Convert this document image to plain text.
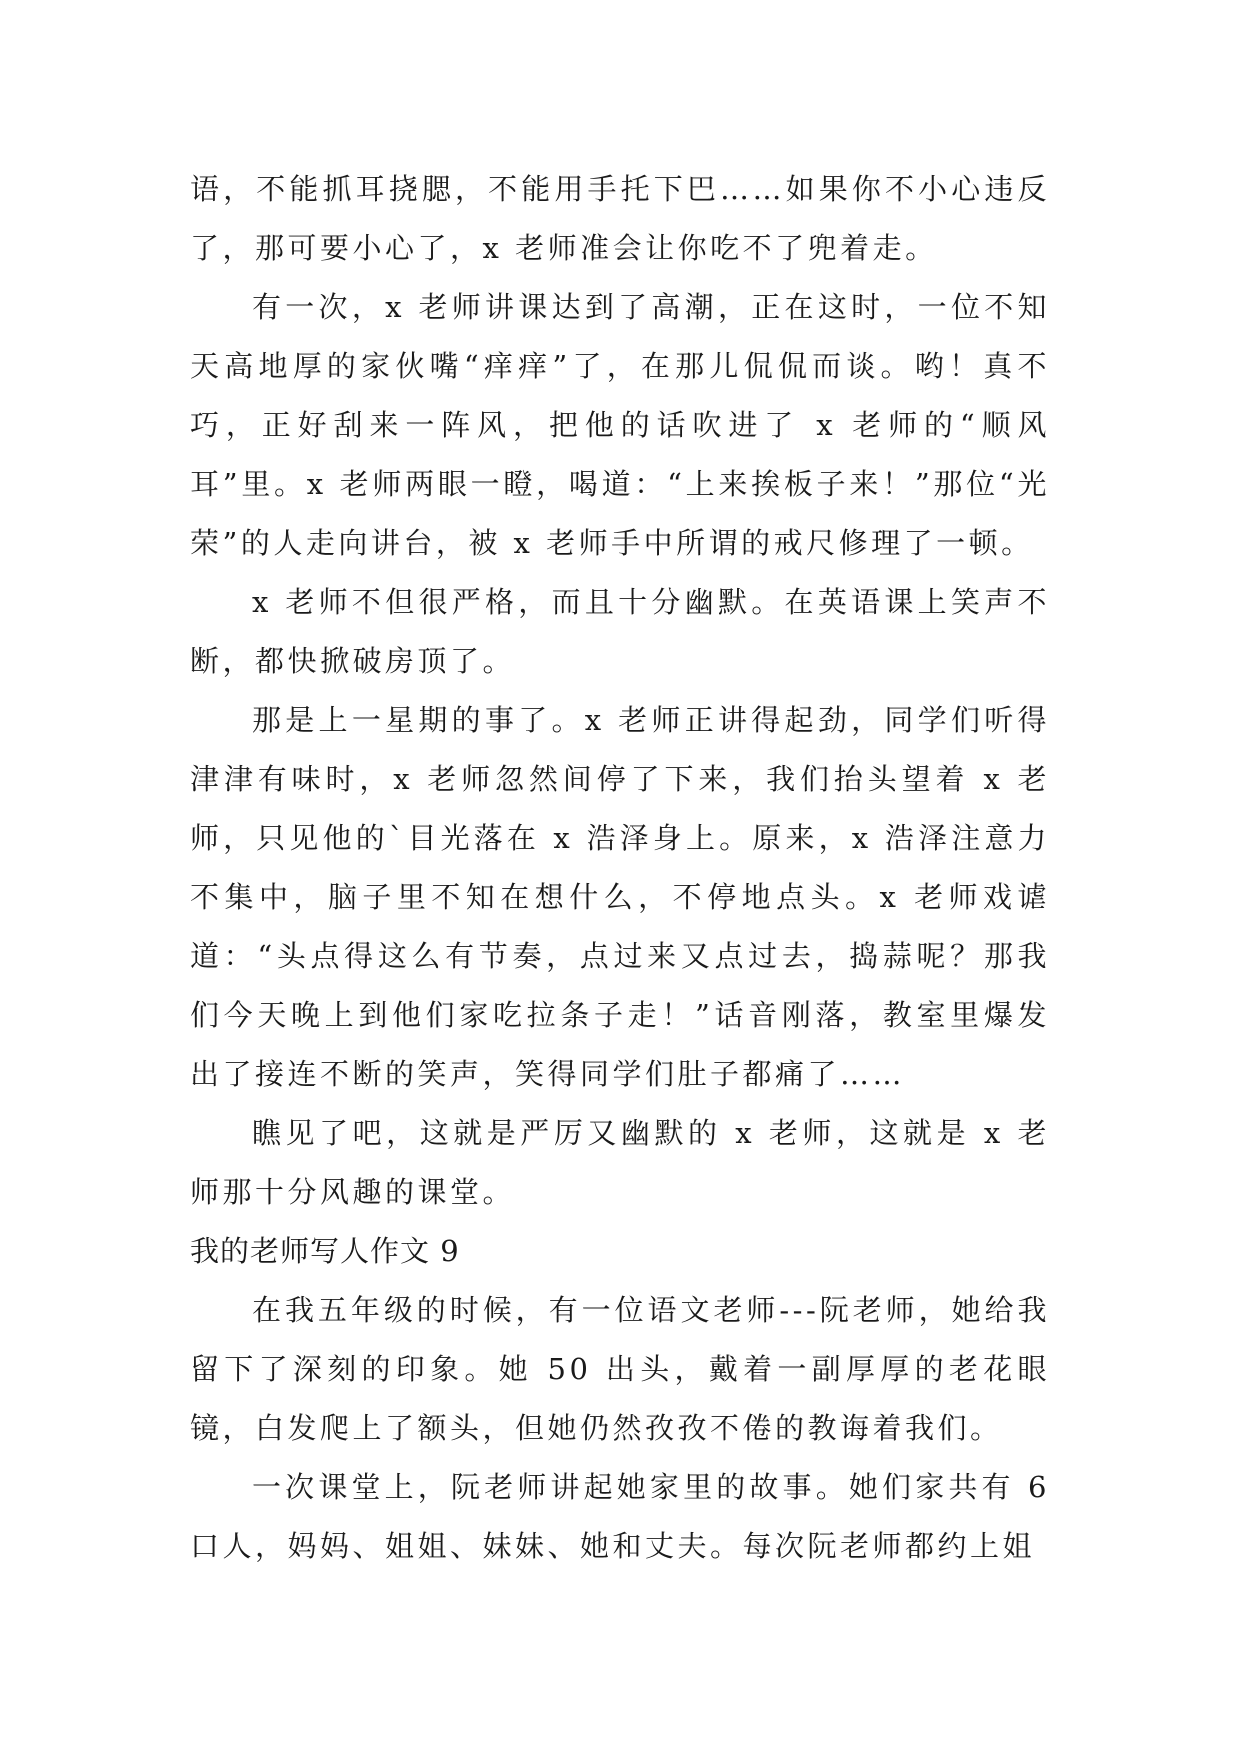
语，不能抓耳挠腮，不能用手托下巴……如果你不小心违反了，那可要小心了，x 老师准会让你吃不了兜着走。

有一次，x 老师讲课达到了高潮，正在这时，一位不知天高地厚的家伙嘴“痒痒”了，在那儿侃侃而谈。哟！真不巧，正好刮来一阵风，把他的话吹进了 x 老师的“顺风耳”里。x 老师两眼一瞪，喝道：“上来挨板子来！”那位“光荣”的人走向讲台，被 x 老师手中所谓的戒尺修理了一顿。

x 老师不但很严格，而且十分幽默。在英语课上笑声不断，都快掀破房顶了。

那是上一星期的事了。x 老师正讲得起劲，同学们听得津津有味时，x 老师忽然间停了下来，我们抬头望着 x 老师，只见他的`目光落在 x 浩泽身上。原来，x 浩泽注意力不集中，脑子里不知在想什么，不停地点头。x 老师戏谑道：“头点得这么有节奏，点过来又点过去，捣蒜呢？那我们今天晚上到他们家吃拉条子走！”话音刚落，教室里爆发出了接连不断的笑声，笑得同学们肚子都痛了……

瞧见了吧，这就是严厉又幽默的 x 老师，这就是 x 老师那十分风趣的课堂。

我的老师写人作文 9

在我五年级的时候，有一位语文老师---阮老师，她给我留下了深刻的印象。她 50 出头，戴着一副厚厚的老花眼镜，白发爬上了额头，但她仍然孜孜不倦的教诲着我们。

一次课堂上，阮老师讲起她家里的故事。她们家共有 6 口人，妈妈、姐姐、妹妹、她和丈夫。每次阮老师都约上姐
